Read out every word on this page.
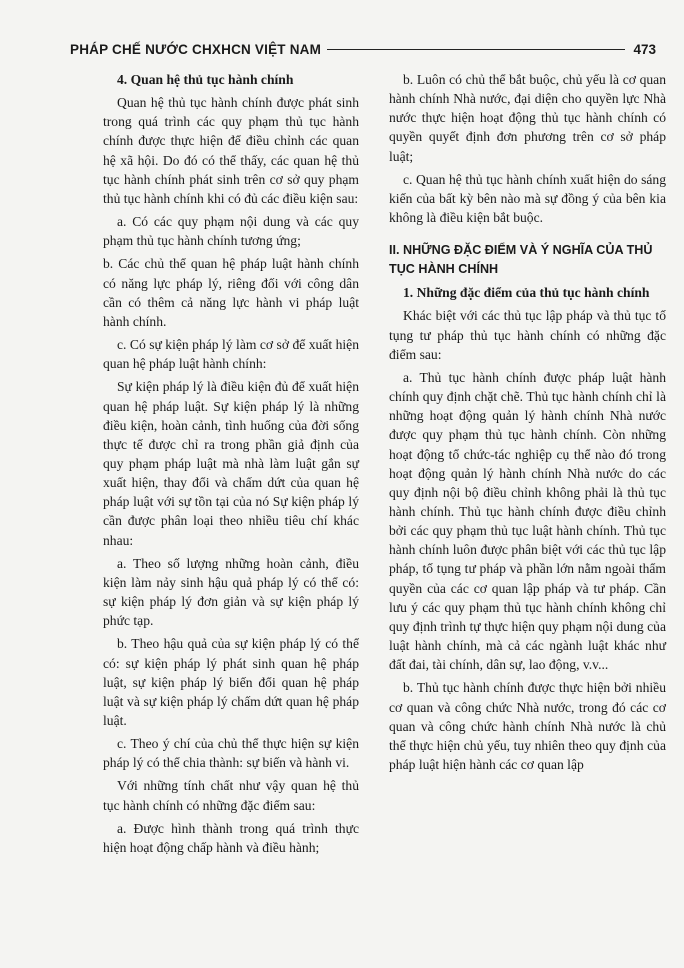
PHÁP CHẾ NƯỚC CHXHCN VIỆT NAM	473
4. Quan hệ thủ tục hành chính

Quan hệ thủ tục hành chính được phát sinh trong quá trình các quy phạm thủ tục hành chính được thực hiện để điều chỉnh các quan hệ xã hội. Do đó có thể thấy, các quan hệ thủ tục hành chính phát sinh trên cơ sở quy phạm thủ tục hành chính khi có đủ các điều kiện sau:

a. Có các quy phạm nội dung và các quy phạm thủ tục hành chính tương ứng;

b. Các chủ thể quan hệ pháp luật hành chính có năng lực pháp lý, riêng đối với công dân cần có thêm cả năng lực hành vi pháp luật hành chính.

c. Có sự kiện pháp lý làm cơ sở để xuất hiện quan hệ pháp luật hành chính:

Sự kiện pháp lý là điều kiện đủ để xuất hiện quan hệ pháp luật. Sự kiện pháp lý là những điều kiện, hoàn cảnh, tình huống của đời sống thực tế được chỉ ra trong phần giả định của quy phạm pháp luật mà nhà làm luật gắn sự xuất hiện, thay đổi và chấm dứt của quan hệ pháp luật với sự tồn tại của nó Sự kiện pháp lý cần được phân loại theo nhiều tiêu chí khác nhau:

a. Theo số lượng những hoàn cảnh, điều kiện làm nảy sinh hậu quả pháp lý có thể có: sự kiện pháp lý đơn giản và sự kiện pháp lý phức tạp.

b. Theo hậu quả của sự kiện pháp lý có thể có: sự kiện pháp lý phát sinh quan hệ pháp luật, sự kiện pháp lý biến đổi quan hệ pháp luật và sự kiện pháp lý chấm dứt quan hệ pháp luật.

c. Theo ý chí của chủ thể thực hiện sự kiện pháp lý có thể chia thành: sự biến và hành vi.

Với những tính chất như vậy quan hệ thủ tục hành chính có những đặc điểm sau:

a. Được hình thành trong quá trình thực hiện hoạt động chấp hành và điều hành;

b. Luôn có chủ thể bắt buộc, chủ yếu là cơ quan hành chính Nhà nước, đại diện cho quyền lực Nhà nước thực hiện hoạt động thủ tục hành chính có quyền quyết định đơn phương trên cơ sở pháp luật;

c. Quan hệ thủ tục hành chính xuất hiện do sáng kiến của bất kỳ bên nào mà sự đồng ý của bên kia không là điều kiện bắt buộc.

II. NHỮNG ĐẶC ĐIỂM VÀ Ý NGHĨA CỦA THỦ TỤC HÀNH CHÍNH
1. Những đặc điểm của thủ tục hành chính

Khác biệt với các thủ tục lập pháp và thủ tục tố tụng tư pháp thủ tục hành chính có những đặc điểm sau:

a. Thủ tục hành chính được pháp luật hành chính quy định chặt chẽ. Thủ tục hành chính chỉ là những hoạt động quản lý hành chính Nhà nước được quy phạm thủ tục hành chính. Còn những hoạt động tổ chức-tác nghiệp cụ thể nào đó trong hoạt động quản lý hành chính Nhà nước do các quy định nội bộ điều chỉnh không phải là thủ tục hành chính. Thủ tục hành chính được điều chỉnh bởi các quy phạm thủ tục luật hành chính. Thủ tục hành chính luôn được phân biệt với các thủ tục lập pháp, tố tụng tư pháp và phần lớn nằm ngoài thẩm quyền của các cơ quan lập pháp và tư pháp. Cần lưu ý các quy phạm thủ tục hành chính không chỉ quy định trình tự thực hiện quy phạm nội dung của luật hành chính, mà cả các ngành luật khác như đất đai, tài chính, dân sự, lao động, v.v...

b. Thủ tục hành chính được thực hiện bởi nhiều cơ quan và công chức Nhà nước, trong đó các cơ quan và công chức hành chính Nhà nước là chủ thể thực hiện chủ yếu, tuy nhiên theo quy định của pháp luật hiện hành các cơ quan lập
